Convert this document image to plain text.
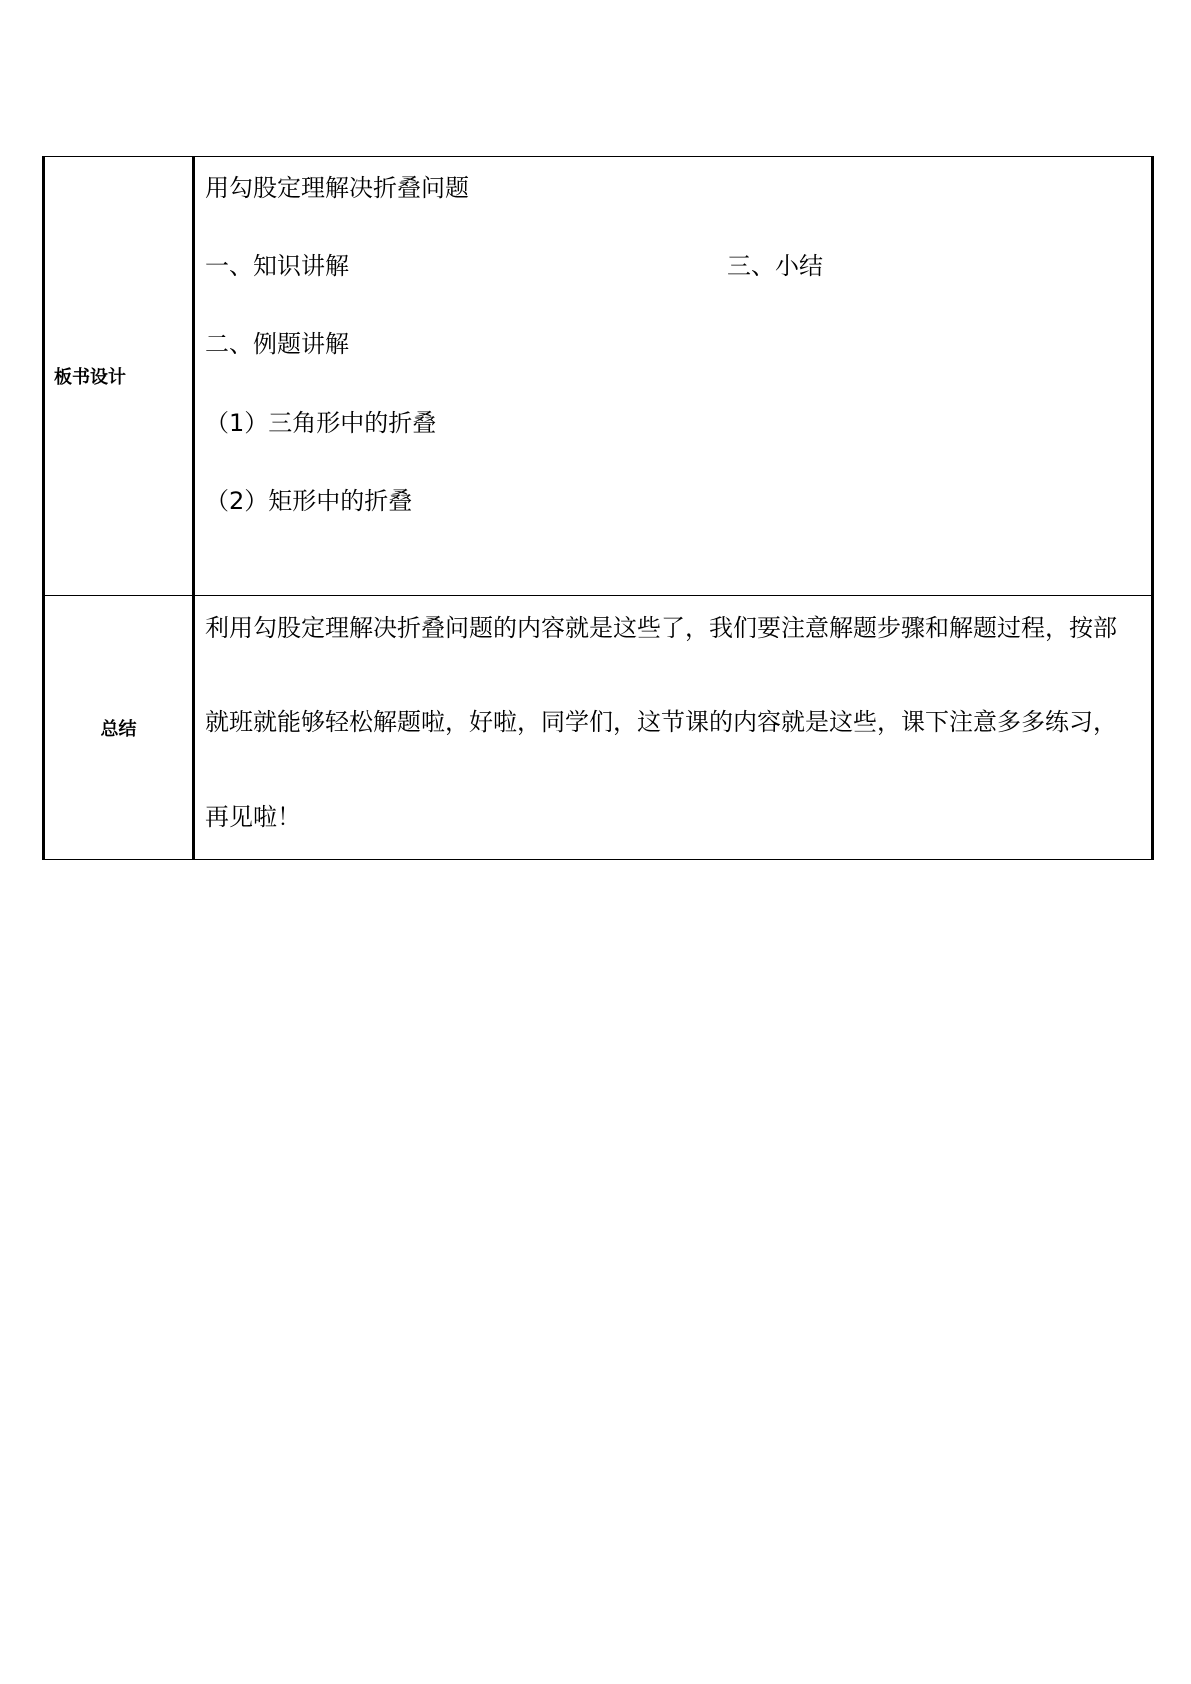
板书设计
用勾股定理解决折叠问题
一、知识讲解	三、小结
二、例题讲解
（1）三角形中的折叠
（2）矩形中的折叠
总结
利用勾股定理解决折叠问题的内容就是这些了，我们要注意解题步骤和解题过程，按部
就班就能够轻松解题啦，好啦，同学们，这节课的内容就是这些，课下注意多多练习，
再见啦！
